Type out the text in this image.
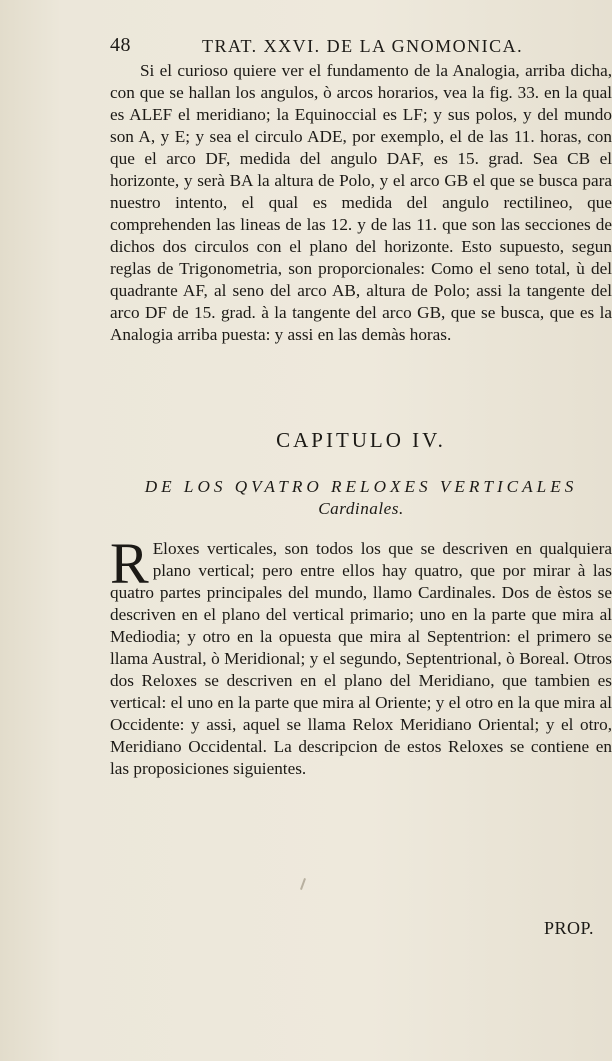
48	TRAT. XXVI. DE LA GNOMONICA.

Si el curioso quiere ver el fundamento de la Analogia, arriba dicha, con que se hallan los angulos, ò arcos horarios, vea la fig. 33. en la qual es ALEF el meridiano; la Equinoccial es LF; y sus polos, y del mundo son A, y E; y sea el circulo ADE, por exemplo, el de las 11. horas, con que el arco DF, medida del angulo DAF, es 15. grad. Sea CB el horizonte, y serà BA la altura de Polo, y el arco GB el que se busca para nuestro intento, el qual es medida del angulo rectilineo, que comprehenden las lineas de las 12. y de las 11. que son las secciones de dichos dos circulos con el plano del horizonte. Esto supuesto, segun reglas de Trigonometria, son proporcionales: Como el seno total, ù del quadrante AF, al seno del arco AB, altura de Polo; assi la tangente del arco DF de 15. grad. à la tangente del arco GB, que se busca, que es la Analogia arriba puesta: y assi en las demàs horas.

CAPITULO IV.
DE LOS QVATRO RELOXES VERTICALES
Cardinales.

R Eloxes verticales, son todos los que se descriven en qualquiera plano vertical; pero entre ellos hay quatro, que por mirar à las quatro partes principales del mundo, llamo Cardinales. Dos de èstos se descriven en el plano del vertical primario; uno en la parte que mira al Mediodia; y otro en la opuesta que mira al Septentrion: el primero se llama Austral, ò Meridional; y el segundo, Septentrional, ò Boreal. Otros dos Reloxes se descriven en el plano del Meridiano, que tambien es vertical: el uno en la parte que mira al Oriente; y el otro en la que mira al Occidente: y assi, aquel se llama Relox Meridiano Oriental; y el otro, Meridiano Occidental. La descripcion de estos Reloxes se contiene en las proposiciones siguientes.

PROP.
